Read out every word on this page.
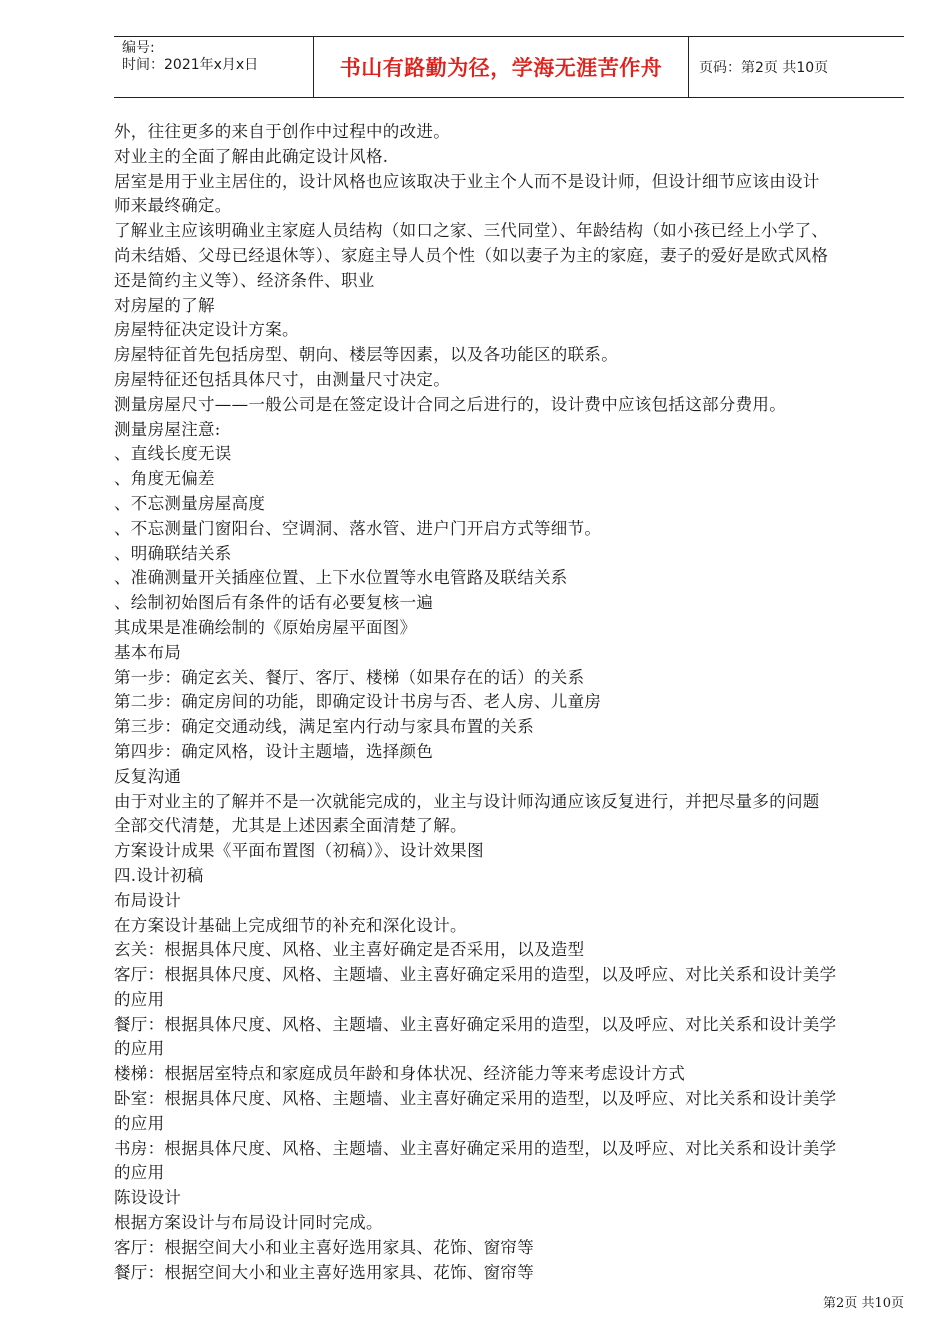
编号:
时间：2021年x月x日	书山有路勤为径，学海无涯苦作舟	页码：第2页 共10页
外，往往更多的来自于创作中过程中的改进。
对业主的全面了解由此确定设计风格.
居室是用于业主居住的，设计风格也应该取决于业主个人而不是设计师，但设计细节应该由设计
师来最终确定。
了解业主应该明确业主家庭人员结构（如口之家、三代同堂）、年龄结构（如小孩已经上小学了、
尚未结婚、父母已经退休等）、家庭主导人员个性（如以妻子为主的家庭，妻子的爱好是欧式风格
还是简约主义等）、经济条件、职业
对房屋的了解
房屋特征决定设计方案。
房屋特征首先包括房型、朝向、楼层等因素，以及各功能区的联系。
房屋特征还包括具体尺寸，由测量尺寸决定。
测量房屋尺寸——一般公司是在签定设计合同之后进行的，设计费中应该包括这部分费用。
测量房屋注意:
、直线长度无误
、角度无偏差
、不忘测量房屋高度
、不忘测量门窗阳台、空调洞、落水管、进户门开启方式等细节。
、明确联结关系
、准确测量开关插座位置、上下水位置等水电管路及联结关系
、绘制初始图后有条件的话有必要复核一遍
其成果是准确绘制的《原始房屋平面图》
基本布局
第一步：确定玄关、餐厅、客厅、楼梯（如果存在的话）的关系
第二步：确定房间的功能，即确定设计书房与否、老人房、儿童房
第三步：确定交通动线，满足室内行动与家具布置的关系
第四步：确定风格，设计主题墙，选择颜色
反复沟通
由于对业主的了解并不是一次就能完成的，业主与设计师沟通应该反复进行，并把尽量多的问题
全部交代清楚，尤其是上述因素全面清楚了解。
方案设计成果《平面布置图（初稿）》、设计效果图
四.设计初稿
布局设计
在方案设计基础上完成细节的补充和深化设计。
玄关：根据具体尺度、风格、业主喜好确定是否采用，以及造型
客厅：根据具体尺度、风格、主题墙、业主喜好确定采用的造型，以及呼应、对比关系和设计美学
的应用
餐厅：根据具体尺度、风格、主题墙、业主喜好确定采用的造型，以及呼应、对比关系和设计美学
的应用
楼梯：根据居室特点和家庭成员年龄和身体状况、经济能力等来考虑设计方式
卧室：根据具体尺度、风格、主题墙、业主喜好确定采用的造型，以及呼应、对比关系和设计美学
的应用
书房：根据具体尺度、风格、主题墙、业主喜好确定采用的造型，以及呼应、对比关系和设计美学
的应用
陈设设计
根据方案设计与布局设计同时完成。
客厅：根据空间大小和业主喜好选用家具、花饰、窗帘等
餐厅：根据空间大小和业主喜好选用家具、花饰、窗帘等
第2页 共10页
